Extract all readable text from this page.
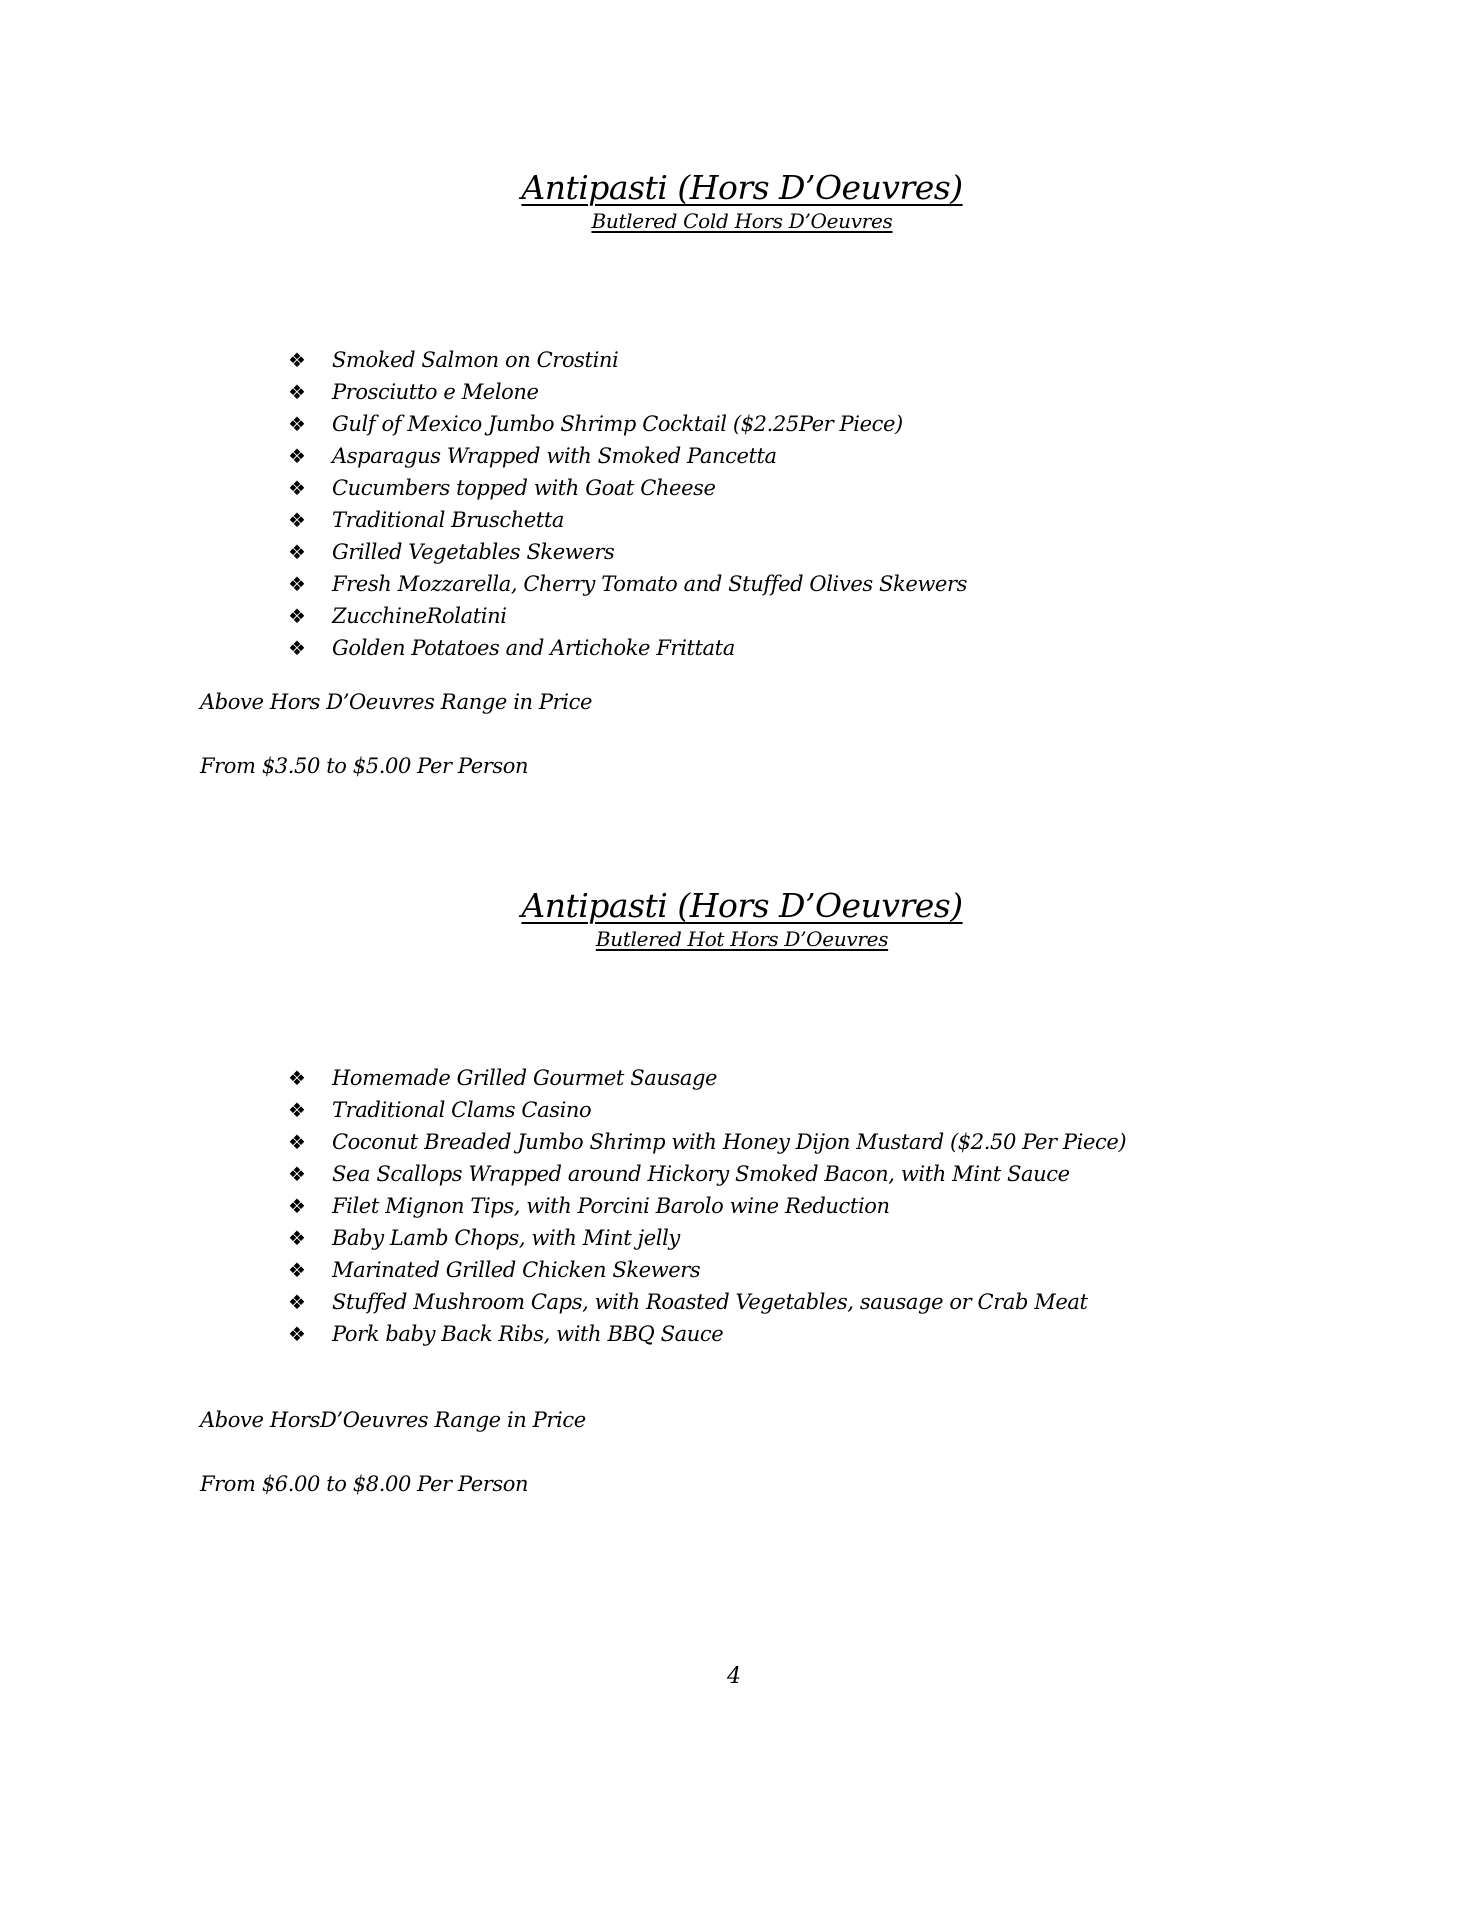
Antipasti (Hors D’Oeuvres)
Butlered Cold Hors D’Oeuvres
❖	Smoked Salmon on Crostini
❖	Prosciutto e Melone
❖	Gulf of Mexico Jumbo Shrimp Cocktail ($2.25Per Piece)
❖	Asparagus Wrapped with Smoked Pancetta
❖	Cucumbers topped with Goat Cheese
❖	Traditional Bruschetta
❖	Grilled Vegetables Skewers
❖	Fresh Mozzarella, Cherry Tomato and Stuffed Olives Skewers
❖	ZucchineRolatini
❖	Golden Potatoes and Artichoke Frittata

Above Hors D’Oeuvres Range in Price

From $3.50 to $5.00 Per Person

Antipasti (Hors D’Oeuvres)
Butlered Hot Hors D’Oeuvres
❖	Homemade Grilled Gourmet Sausage
❖	Traditional Clams Casino
❖	Coconut Breaded Jumbo Shrimp with Honey Dijon Mustard ($2.50 Per Piece)
❖	Sea Scallops Wrapped around Hickory Smoked Bacon, with Mint Sauce
❖	Filet Mignon Tips, with Porcini Barolo wine Reduction
❖	Baby Lamb Chops, with Mint jelly
❖	Marinated Grilled Chicken Skewers
❖	Stuffed Mushroom Caps, with Roasted Vegetables, sausage or Crab Meat
❖	Pork baby Back Ribs, with BBQ Sauce

Above HorsD’Oeuvres Range in Price

From $6.00 to $8.00 Per Person

4
